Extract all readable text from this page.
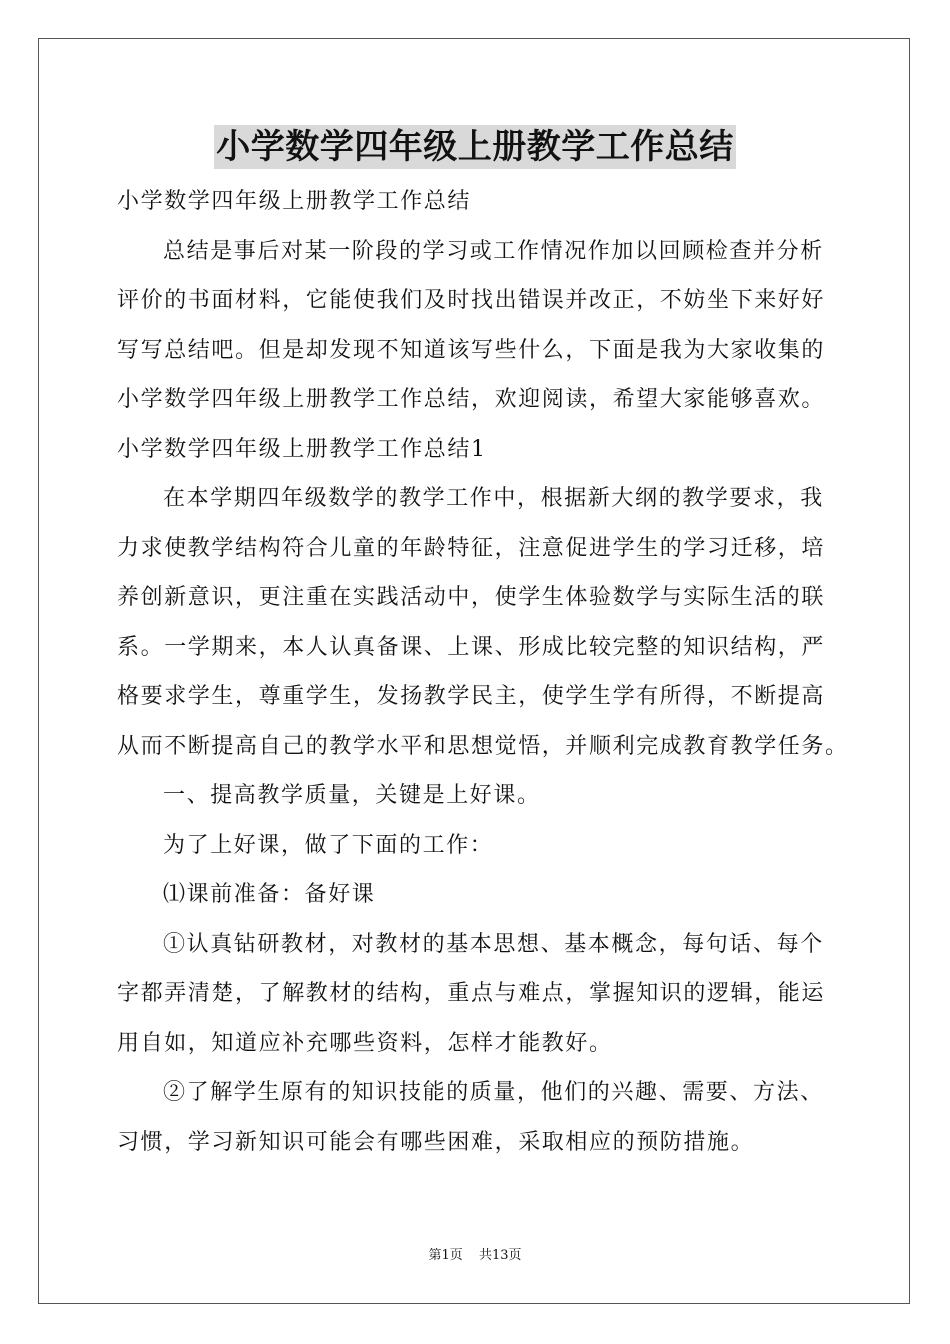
小学数学四年级上册教学工作总结
小学数学四年级上册教学工作总结
总结是事后对某一阶段的学习或工作情况作加以回顾检查并分析
评价的书面材料，它能使我们及时找出错误并改正，不妨坐下来好好
写写总结吧。但是却发现不知道该写些什么，下面是我为大家收集的
小学数学四年级上册教学工作总结，欢迎阅读，希望大家能够喜欢。
小学数学四年级上册教学工作总结1
在本学期四年级数学的教学工作中，根据新大纲的教学要求，我
力求使教学结构符合儿童的年龄特征，注意促进学生的学习迁移，培
养创新意识，更注重在实践活动中，使学生体验数学与实际生活的联
系。一学期来，本人认真备课、上课、形成比较完整的知识结构，严
格要求学生，尊重学生，发扬教学民主，使学生学有所得，不断提高
从而不断提高自己的教学水平和思想觉悟，并顺利完成教育教学任务。
一、提高教学质量，关键是上好课。
为了上好课，做了下面的工作：
⑴课前准备：备好课
①认真钻研教材，对教材的基本思想、基本概念，每句话、每个
字都弄清楚，了解教材的结构，重点与难点，掌握知识的逻辑，能运
用自如，知道应补充哪些资料，怎样才能教好。
②了解学生原有的知识技能的质量，他们的兴趣、需要、方法、
习惯，学习新知识可能会有哪些困难，采取相应的预防措施。
第1页 共13页
